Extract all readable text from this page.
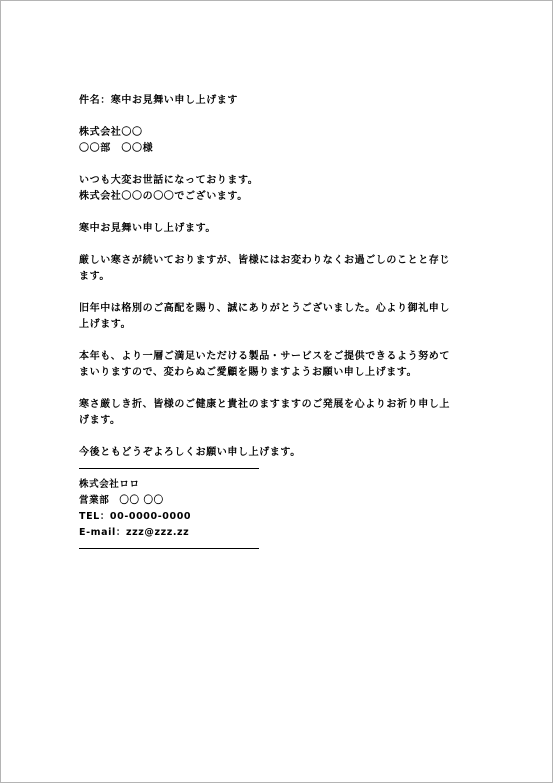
件名：寒中お見舞い申し上げます
株式会社〇〇
〇〇部　〇〇様
いつも大変お世話になっております。
株式会社〇〇の〇〇でございます。
寒中お見舞い申し上げます。
厳しい寒さが続いておりますが、皆様にはお変わりなくお過ごしのことと存じ
ます。
旧年中は格別のご高配を賜り、誠にありがとうございました。心より御礼申し
上げます。
本年も、より一層ご満足いただける製品・サービスをご提供できるよう努めて
まいりますので、変わらぬご愛顧を賜りますようお願い申し上げます。
寒さ厳しき折、皆様のご健康と貴社のますますのご発展を心よりお祈り申し上
げます。
今後ともどうぞよろしくお願い申し上げます。
株式会社ロロ
営業部　〇〇 〇〇
TEL：00-0000-0000
E-mail：zzz@zzz.zz
